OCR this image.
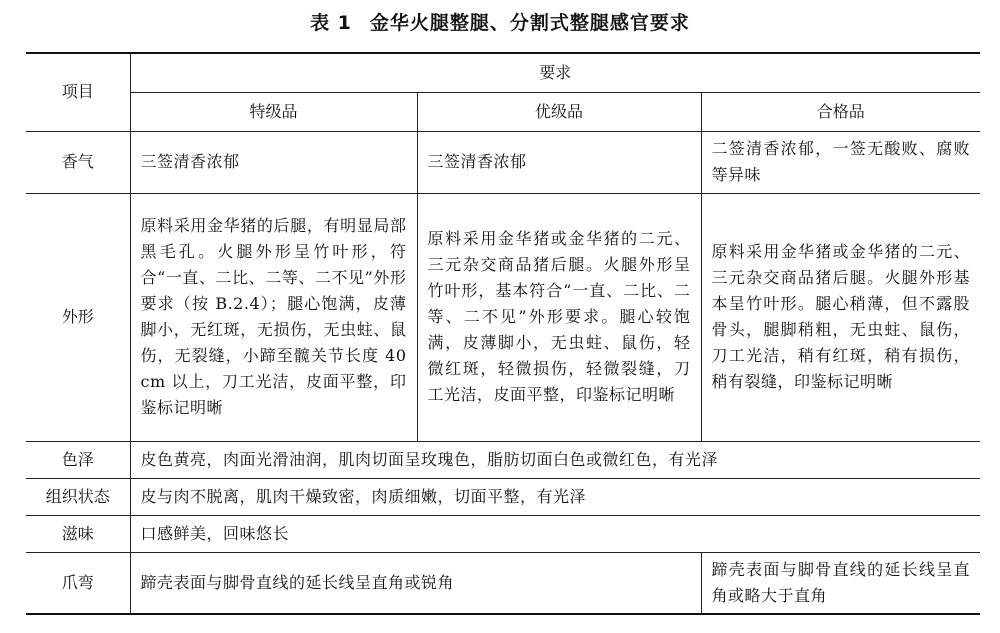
表 1 金华火腿整腿、分割式整腿感官要求
项目	要求		
	特级品	优级品	合格品
香气	三签清香浓郁	三签清香浓郁	二签清香浓郁，一签无酸败、腐败等异味
外形	原料采用金华猪的后腿，有明显局部黑毛孔。火腿外形呈竹叶形，符合“一直、二比、二等、二不见”外形要求（按 B.2.4）；腿心饱满，皮薄脚小，无红斑，无损伤，无虫蛀、鼠伤，无裂缝，小蹄至髋关节长度 40 cm 以上，刀工光洁，皮面平整，印鉴标记明晰	原料采用金华猪或金华猪的二元、三元杂交商品猪后腿。火腿外形呈竹叶形，基本符合“一直、二比、二等、二不见”外形要求。腿心较饱满，皮薄脚小，无虫蛀、鼠伤，轻微红斑，轻微损伤，轻微裂缝，刀工光洁，皮面平整，印鉴标记明晰	原料采用金华猪或金华猪的二元、三元杂交商品猪后腿。火腿外形基本呈竹叶形。腿心稍薄，但不露股骨头，腿脚稍粗，无虫蛀、鼠伤，刀工光洁，稍有红斑，稍有损伤，稍有裂缝，印鉴标记明晰
色泽	皮色黄亮，肉面光滑油润，肌肉切面呈玫瑰色，脂肪切面白色或微红色，有光泽		
组织状态	皮与肉不脱离，肌肉干燥致密，肉质细嫩，切面平整，有光泽		
滋味	口感鲜美，回味悠长		
爪弯	蹄壳表面与脚骨直线的延长线呈直角或锐角		蹄壳表面与脚骨直线的延长线呈直角或略大于直角
